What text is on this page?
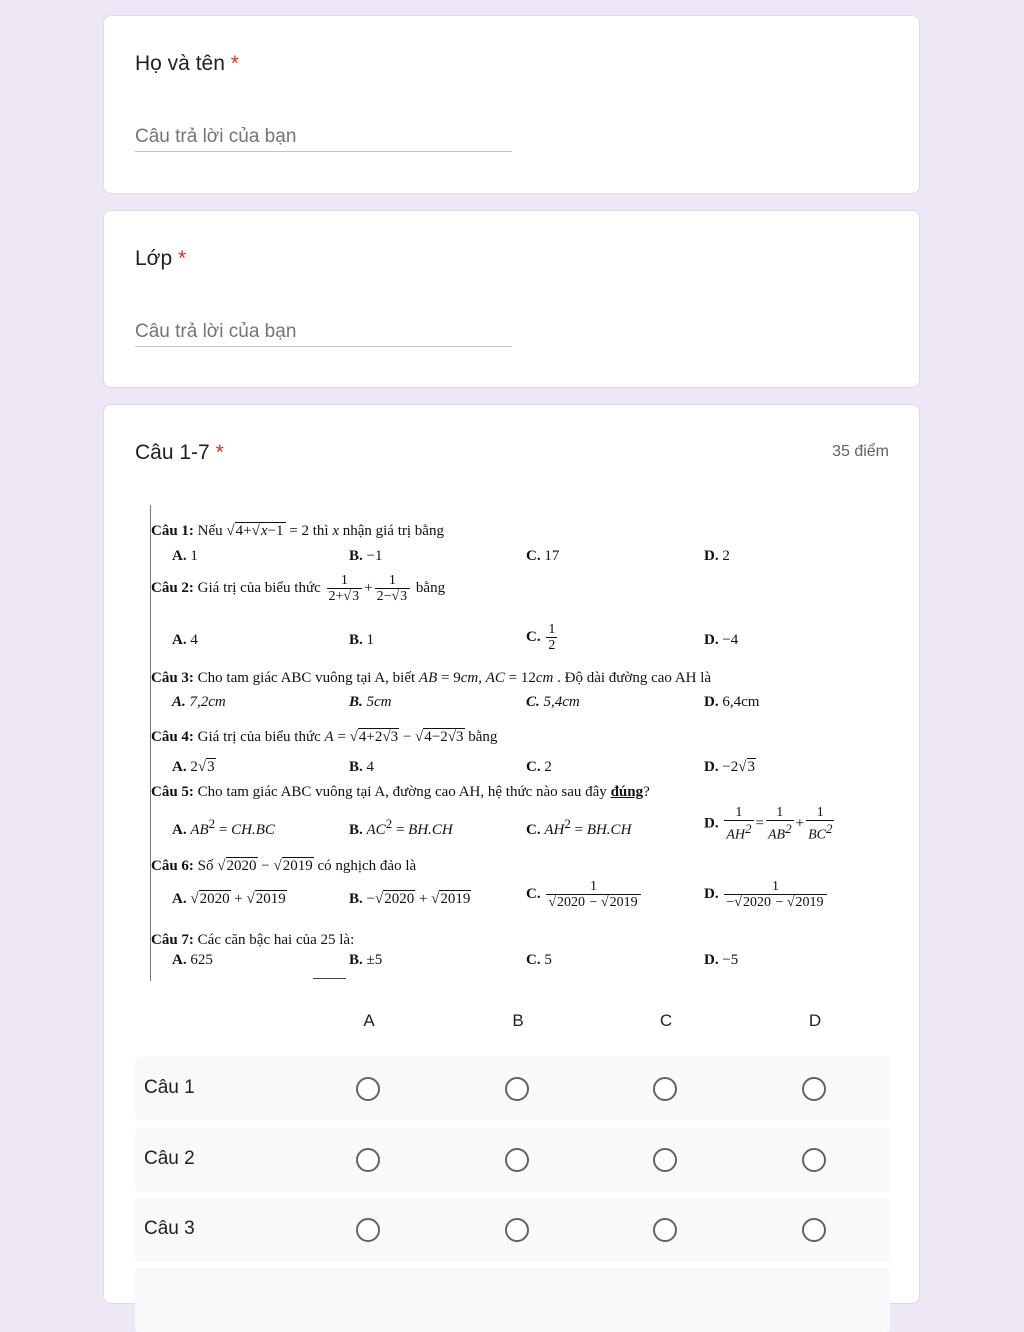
Họ và tên *
Câu trả lời của bạn
Lớp *
Câu trả lời của bạn
Câu 1-7 *	35 điểm
Câu 1: Nếu √4+√x−1 = 2 thì x nhận giá trị bằng
A. 1	B. −1	C. 17	D. 2
Câu 2: Giá trị của biểu thức $\frac{1}{2+√3} + \frac{1}{2-√3}$ bằng
A. 4	B. 1	C. $\frac{1}{2}$	D. −4
Câu 3: Cho tam giác ABC vuông tại A, biết AB = 9cm, AC = 12cm . Độ dài đường cao AH là
A. 7,2cm	B. 5cm	C. 5,4cm	D. 6,4cm
Câu 4: Giá trị của biểu thức A = √4+2√3 − √4−2√3 bằng
A. 2√3	B. 4	C. 2	D. −2√3
Câu 5: Cho tam giác ABC vuông tại A, đường cao AH, hệ thức nào sau đây đúng?
A. $AB^2 = CH.BC$	B. $AC^2 = BH.CH$	C. $AH^2 = BH.CH$	D. $\frac{1}{AH^2} = \frac{1}{AB^2} + \frac{1}{BC^2}$
Câu 6: Số √2020 − √2019 có nghịch đảo là
A. √2020 + √2019	B. −√2020 + √2019	C. $\frac{1}{√2020 - √2019}$	D. $\frac{1}{-√2020 - √2019}$
Câu 7: Các căn bậc hai của 25 là:
A. 625	B. ±5	C. 5	D. −5
A	B	C	D
Câu 1
Câu 2
Câu 3
